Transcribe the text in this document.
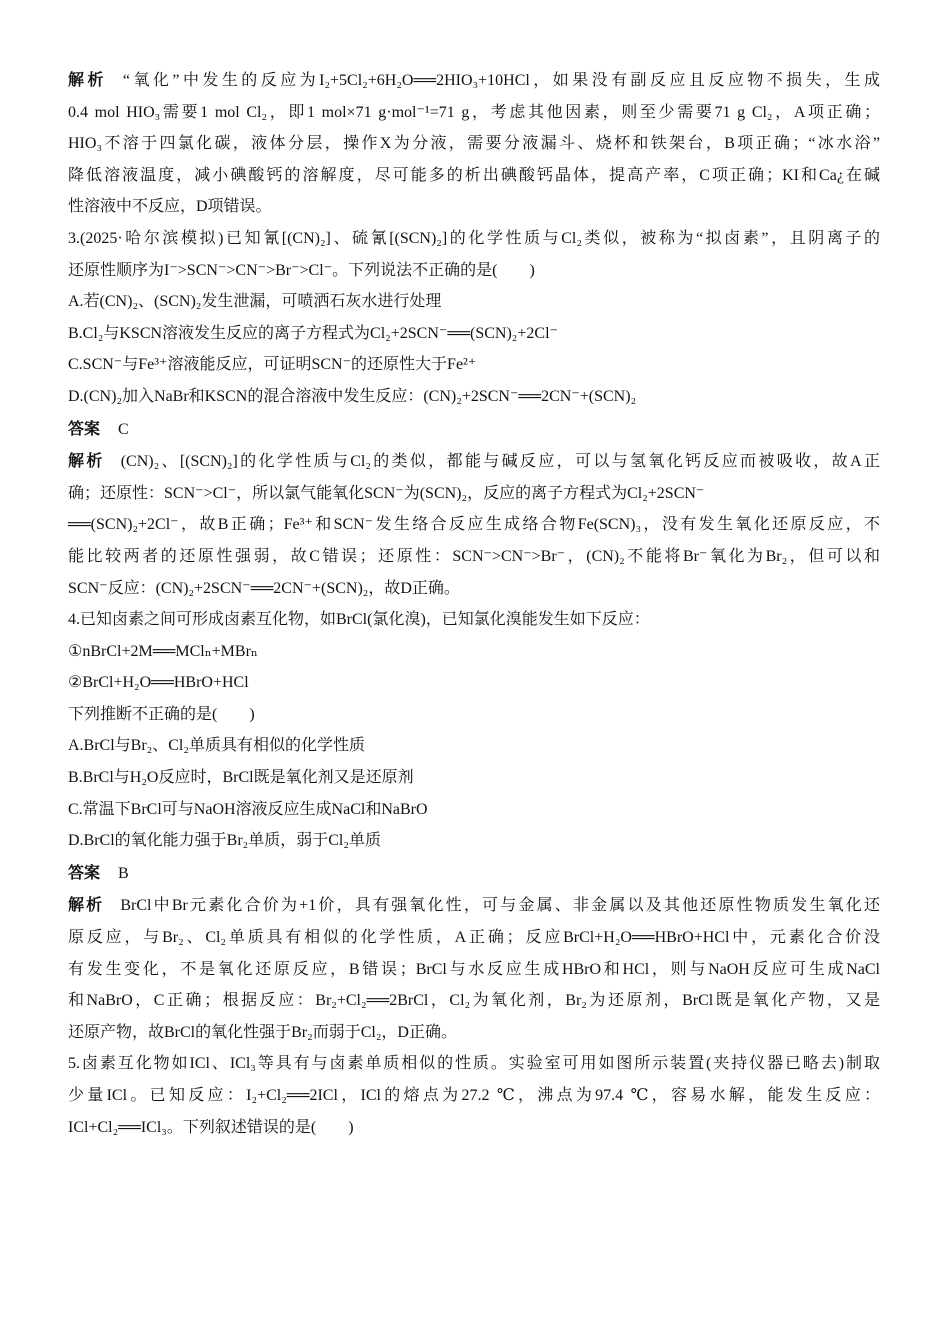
解析 “氧化”中发生的反应为I₂+5Cl₂+6H₂O══2HIO₃+10HCl，如果没有副反应且反应物不损失，生成
0.4 mol HIO₃需要1 mol Cl₂，即1 mol×71 g·mol⁻¹=71 g，考虑其他因素，则至少需要71 g Cl₂，A项正确；
HIO₃不溶于四氯化碳，液体分层，操作X为分液，需要分液漏斗、烧杯和铁架台，B项正确；“冰水浴”
降低溶液温度，减小碘酸钙的溶解度，尽可能多的析出碘酸钙晶体，提高产率，C项正确；KI和Ca¿在碱
性溶液中不反应，D项错误。
3.(2025·哈尔滨模拟)已知氰[(CN)₂]、硫氰[(SCN)₂]的化学性质与Cl₂类似，被称为“拟卤素”，且阴离子的
还原性顺序为I⁻>SCN⁻>CN⁻>Br⁻>Cl⁻。下列说法不正确的是(　　)
A.若(CN)₂、(SCN)₂发生泄漏，可喷洒石灰水进行处理
B.Cl₂与KSCN溶液发生反应的离子方程式为Cl₂+2SCN⁻══(SCN)₂+2Cl⁻
C.SCN⁻与Fe³⁺溶液能反应，可证明SCN⁻的还原性大于Fe²⁺
D.(CN)₂加入NaBr和KSCN的混合溶液中发生反应：(CN)₂+2SCN⁻══2CN⁻+(SCN)₂
答案 C
解析 (CN)₂、[(SCN)₂]的化学性质与Cl₂的类似，都能与碱反应，可以与氢氧化钙反应而被吸收，故A正
确；还原性：SCN⁻>Cl⁻，所以氯气能氧化SCN⁻为(SCN)₂，反应的离子方程式为Cl₂+2SCN⁻
══(SCN)₂+2Cl⁻，故B正确；Fe³⁺和SCN⁻发生络合反应生成络合物Fe(SCN)₃，没有发生氧化还原反应，不
能比较两者的还原性强弱，故C错误；还原性：SCN⁻>CN⁻>Br⁻，(CN)₂不能将Br⁻氧化为Br₂，但可以和
SCN⁻反应：(CN)₂+2SCN⁻══2CN⁻+(SCN)₂，故D正确。
4.已知卤素之间可形成卤素互化物，如BrCl(氯化溴)，已知氯化溴能发生如下反应：
①nBrCl+2M══MClₙ+MBrₙ
②BrCl+H₂O══HBrO+HCl
下列推断不正确的是(　　)
A.BrCl与Br₂、Cl₂单质具有相似的化学性质
B.BrCl与H₂O反应时，BrCl既是氧化剂又是还原剂
C.常温下BrCl可与NaOH溶液反应生成NaCl和NaBrO
D.BrCl的氧化能力强于Br₂单质，弱于Cl₂单质
答案 B
解析 BrCl中Br元素化合价为+1价，具有强氧化性，可与金属、非金属以及其他还原性物质发生氧化还
原反应，与Br₂、Cl₂单质具有相似的化学性质，A正确；反应BrCl+H₂O══HBrO+HCl中，元素化合价没
有发生变化，不是氧化还原反应，B错误；BrCl与水反应生成HBrO和HCl，则与NaOH反应可生成NaCl
和NaBrO，C正确；根据反应：Br₂+Cl₂══2BrCl，Cl₂为氧化剂，Br₂为还原剂，BrCl既是氧化产物，又是
还原产物，故BrCl的氧化性强于Br₂而弱于Cl₂，D正确。
5.卤素互化物如ICl、ICl₃等具有与卤素单质相似的性质。实验室可用如图所示装置(夹持仪器已略去)制取
少量ICl。已知反应：I₂+Cl₂══2ICl，ICl的熔点为27.2 ℃，沸点为97.4 ℃，容易水解，能发生反应：
ICl+Cl₂══ICl₃。下列叙述错误的是(　　)
